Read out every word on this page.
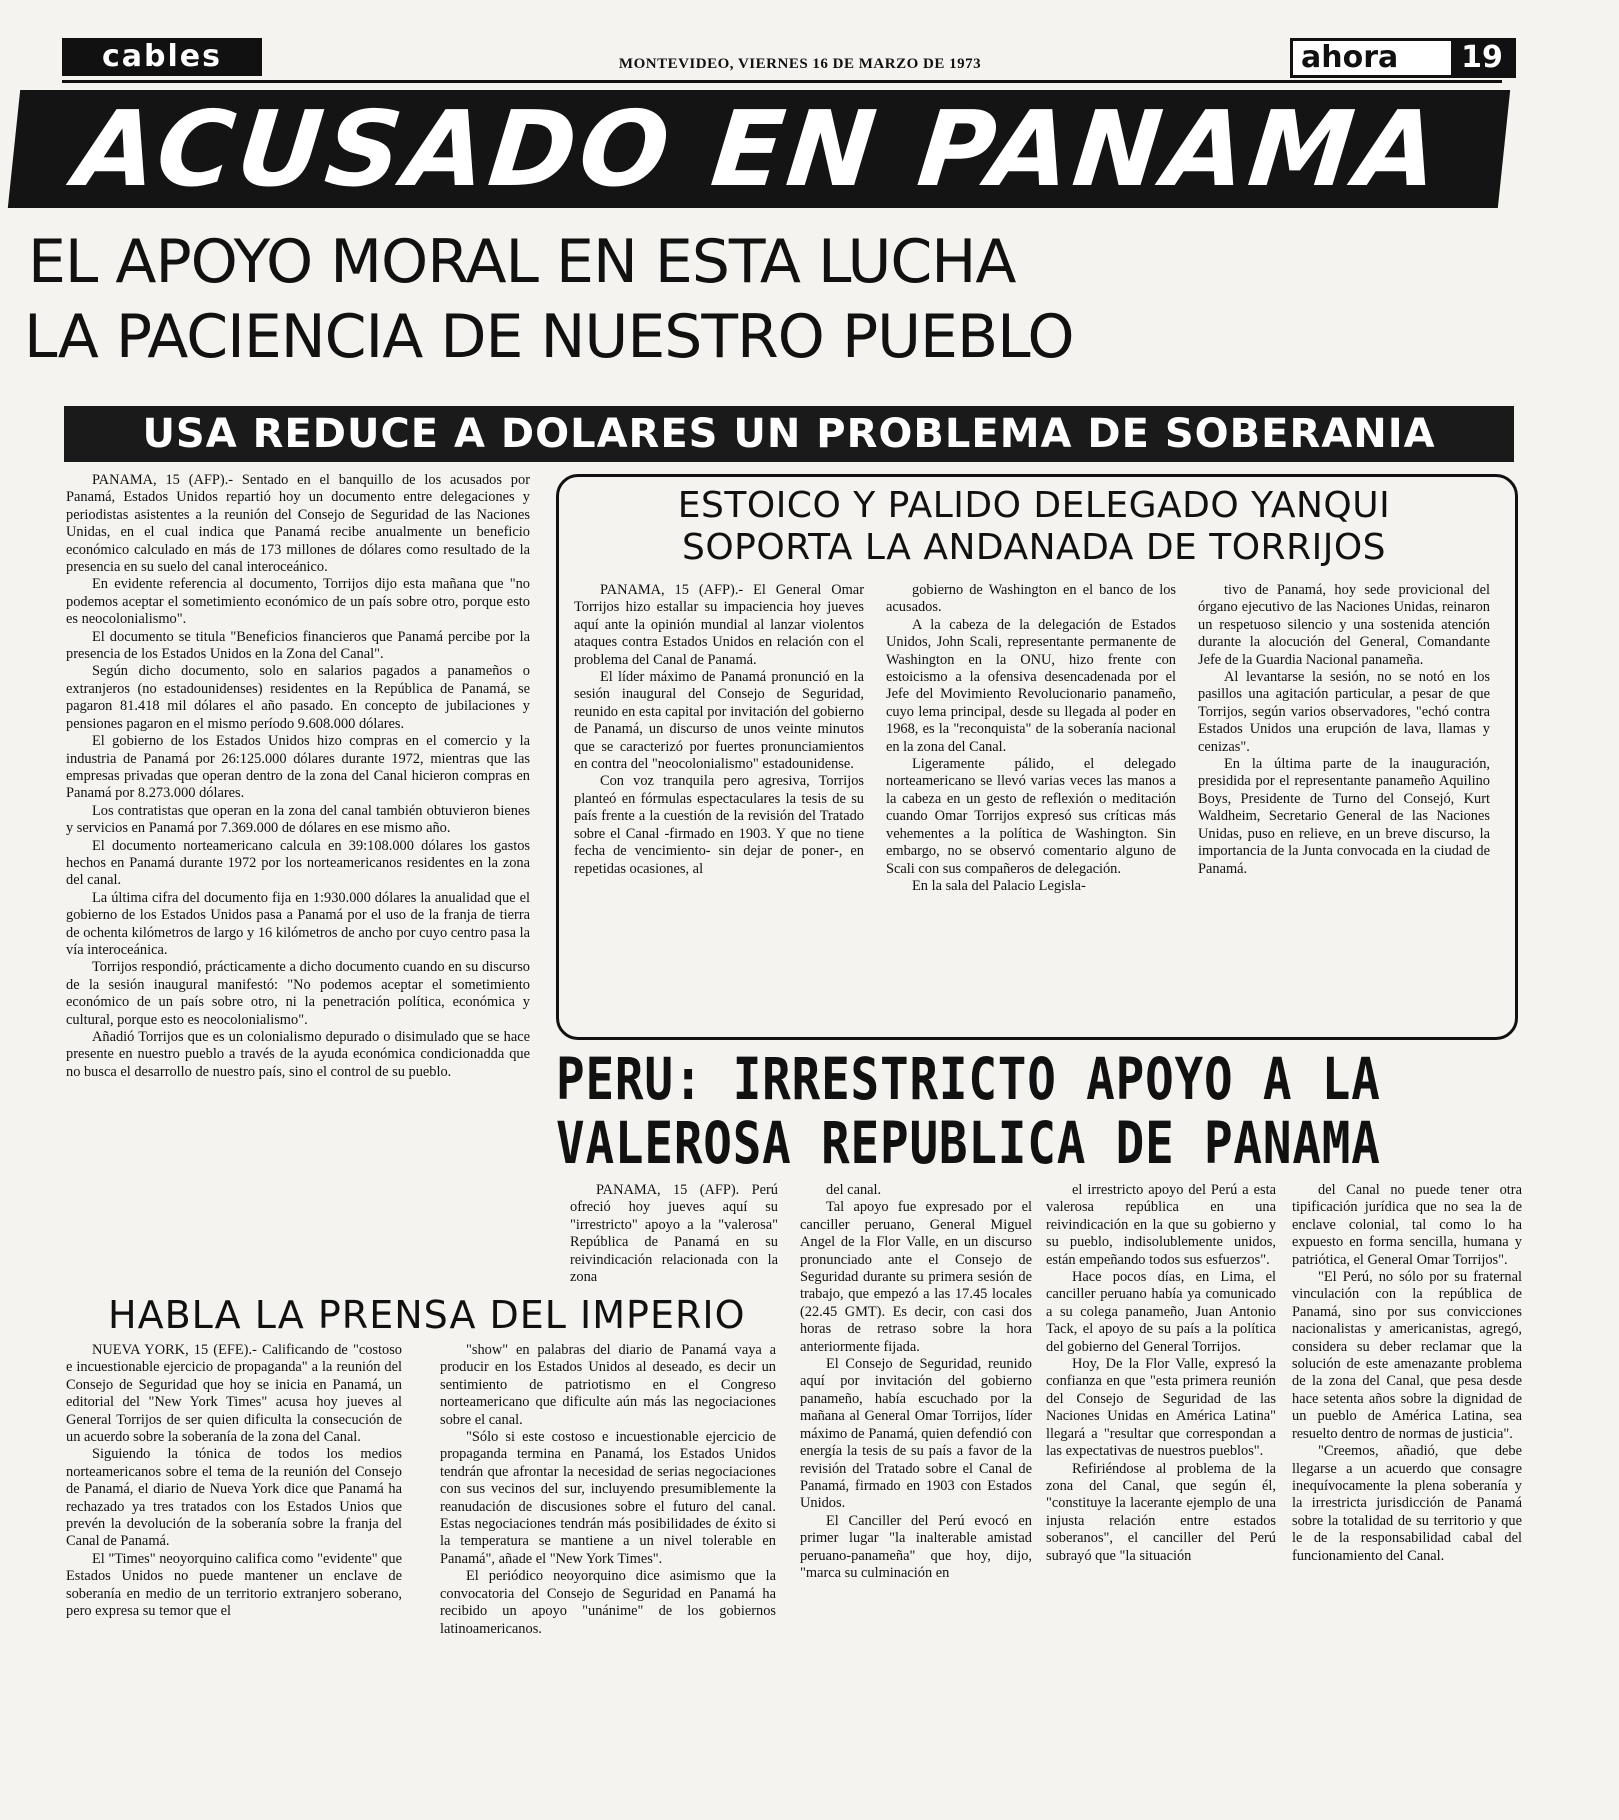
cables	MONTEVIDEO, VIERNES 16 DE MARZO DE 1973	ahora	19
ACUSADO EN PANAMA
EL APOYO MORAL EN ESTA LUCHA
LA PACIENCIA DE NUESTRO PUEBLO
USA REDUCE A DOLARES UN PROBLEMA DE SOBERANIA

PANAMA, 15 (AFP).- Sentado en el banquillo de los acusados por Panamá, Estados Unidos repartió hoy un documento entre delegaciones y periodistas asistentes a la reunión del Consejo de Seguridad de las Naciones Unidas, en el cual indica que Panamá recibe anualmente un beneficio económico calculado en más de 173 millones de dólares como resultado de la presencia en su suelo del canal interoceánico.

En evidente referencia al documento, Torrijos dijo esta mañana que "no podemos aceptar el sometimiento económico de un país sobre otro, porque esto es neocolonialismo".

El documento se titula "Beneficios financieros que Panamá percibe por la presencia de los Estados Unidos en la Zona del Canal".

Según dicho documento, solo en salarios pagados a panameños o extranjeros (no estadounidenses) residentes en la República de Panamá, se pagaron 81.418 mil dólares el año pasado. En concepto de jubilaciones y pensiones pagaron en el mismo período 9.608.000 dólares.

El gobierno de los Estados Unidos hizo compras en el comercio y la industria de Panamá por 26:125.000 dólares durante 1972, mientras que las empresas privadas que operan dentro de la zona del Canal hicieron compras en Panamá por 8.273.000 dólares.

Los contratistas que operan en la zona del canal también obtuvieron bienes y servicios en Panamá por 7.369.000 de dólares en ese mismo año.

El documento norteamericano calcula en 39:108.000 dólares los gastos hechos en Panamá durante 1972 por los norteamericanos residentes en la zona del canal.

La última cifra del documento fija en 1:930.000 dólares la anualidad que el gobierno de los Estados Unidos pasa a Panamá por el uso de la franja de tierra de ochenta kilómetros de largo y 16 kilómetros de ancho por cuyo centro pasa la vía interoceánica.

Torrijos respondió, prácticamente a dicho documento cuando en su discurso de la sesión inaugural manifestó: "No podemos aceptar el sometimiento económico de un país sobre otro, ni la penetración política, económica y cultural, porque esto es neocolonialismo".

Añadió Torrijos que es un colonialismo depurado o disimulado que se hace presente en nuestro pueblo a través de la ayuda económica condicionadda que no busca el desarrollo de nuestro país, sino el control de su pueblo.

ESTOICO Y PALIDO DELEGADO YANQUI
SOPORTA LA ANDANADA DE TORRIJOS

PANAMA, 15 (AFP).- El General Omar Torrijos hizo estallar su impaciencia hoy jueves aquí ante la opinión mundial al lanzar violentos ataques contra Estados Unidos en relación con el problema del Canal de Panamá.

El líder máximo de Panamá pronunció en la sesión inaugural del Consejo de Seguridad, reunido en esta capital por invitación del gobierno de Panamá, un discurso de unos veinte minutos que se caracterizó por fuertes pronunciamientos en contra del "neocolonialismo" estadounidense.

Con voz tranquila pero agresiva, Torrijos planteó en fórmulas espectaculares la tesis de su país frente a la cuestión de la revisión del Tratado sobre el Canal -firmado en 1903. Y que no tiene fecha de vencimiento- sin dejar de poner-, en repetidas ocasiones, al

gobierno de Washington en el banco de los acusados.

A la cabeza de la delegación de Estados Unidos, John Scali, representante permanente de Washington en la ONU, hizo frente con estoicismo a la ofensiva desencadenada por el Jefe del Movimiento Revolucionario panameño, cuyo lema principal, desde su llegada al poder en 1968, es la "reconquista" de la soberanía nacional en la zona del Canal.

Ligeramente pálido, el delegado norteamericano se llevó varias veces las manos a la cabeza en un gesto de reflexión o meditación cuando Omar Torrijos expresó sus críticas más vehementes a la política de Washington. Sin embargo, no se observó comentario alguno de Scali con sus compañeros de delegación.

En la sala del Palacio Legisla-

tivo de Panamá, hoy sede provicional del órgano ejecutivo de las Naciones Unidas, reinaron un respetuoso silencio y una sostenida atención durante la alocución del General, Comandante Jefe de la Guardia Nacional panameña.

Al levantarse la sesión, no se notó en los pasillos una agitación particular, a pesar de que Torrijos, según varios observadores, "echó contra Estados Unidos una erupción de lava, llamas y cenizas".

En la última parte de la inauguración, presidida por el representante panameño Aquilino Boys, Presidente de Turno del Consejó, Kurt Waldheim, Secretario General de las Naciones Unidas, puso en relieve, en un breve discurso, la importancia de la Junta convocada en la ciudad de Panamá.

PERU: IRRESTRICTO APOYO A LA
VALEROSA REPUBLICA DE PANAMA

PANAMA, 15 (AFP). Perú ofreció hoy jueves aquí su "irrestricto" apoyo a la "valerosa" República de Panamá en su reivindicación relacionada con la zona

del canal.

Tal apoyo fue expresado por el canciller peruano, General Miguel Angel de la Flor Valle, en un discurso pronunciado ante el Consejo de Seguridad durante su primera sesión de trabajo, que empezó a las 17.45 locales (22.45 GMT). Es decir, con casi dos horas de retraso sobre la hora anteriormente fijada.

El Consejo de Seguridad, reunido aquí por invitación del gobierno panameño, había escuchado por la mañana al General Omar Torrijos, líder máximo de Panamá, quien defendió con energía la tesis de su país a favor de la revisión del Tratado sobre el Canal de Panamá, firmado en 1903 con Estados Unidos.

El Canciller del Perú evocó en primer lugar "la inalterable amistad peruano-panameña" que hoy, dijo, "marca su culminación en

el irrestricto apoyo del Perú a esta valerosa república en una reivindicación en la que su gobierno y su pueblo, indisolublemente unidos, están empeñando todos sus esfuerzos".

Hace pocos días, en Lima, el canciller peruano había ya comunicado a su colega panameño, Juan Antonio Tack, el apoyo de su país a la política del gobierno del General Torrijos.

Hoy, De la Flor Valle, expresó la confianza en que "esta primera reunión del Consejo de Seguridad de las Naciones Unidas en América Latina" llegará a "resultar que correspondan a las expectativas de nuestros pueblos".

Refiriéndose al problema de la zona del Canal, que según él, "constituye la lacerante ejemplo de una injusta relación entre estados soberanos", el canciller del Perú subrayó que "la situación

del Canal no puede tener otra tipificación jurídica que no sea la de enclave colonial, tal como lo ha expuesto en forma sencilla, humana y patriótica, el General Omar Torrijos".

"El Perú, no sólo por su fraternal vinculación con la república de Panamá, sino por sus convicciones nacionalistas y americanistas, agregó, considera su deber reclamar que la solución de este amenazante problema de la zona del Canal, que pesa desde hace setenta años sobre la dignidad de un pueblo de América Latina, sea resuelto dentro de normas de justicia".

"Creemos, añadió, que debe llegarse a un acuerdo que consagre inequívocamente la plena soberanía y la irrestricta jurisdicción de Panamá sobre la totalidad de su territorio y que le de la responsabilidad cabal del funcionamiento del Canal.

HABLA LA PRENSA DEL IMPERIO

NUEVA YORK, 15 (EFE).- Calificando de "costoso e incuestionable ejercicio de propaganda" a la reunión del Consejo de Seguridad que hoy se inicia en Panamá, un editorial del "New York Times" acusa hoy jueves al General Torrijos de ser quien dificulta la consecución de un acuerdo sobre la soberanía de la zona del Canal.

Siguiendo la tónica de todos los medios norteamericanos sobre el tema de la reunión del Consejo de Panamá, el diario de Nueva York dice que Panamá ha rechazado ya tres tratados con los Estados Unios que prevén la devolución de la soberanía sobre la franja del Canal de Panamá.

El "Times" neoyorquino califica como "evidente" que Estados Unidos no puede mantener un enclave de soberanía en medio de un territorio extranjero soberano, pero expresa su temor que el

"show" en palabras del diario de Panamá vaya a producir en los Estados Unidos al deseado, es decir un sentimiento de patriotismo en el Congreso norteamericano que dificulte aún más las negociaciones sobre el canal.

"Sólo si este costoso e incuestionable ejercicio de propaganda termina en Panamá, los Estados Unidos tendrán que afrontar la necesidad de serias negociaciones con sus vecinos del sur, incluyendo presumiblemente la reanudación de discusiones sobre el futuro del canal. Estas negociaciones tendrán más posibilidades de éxito si la temperatura se mantiene a un nivel tolerable en Panamá", añade el "New York Times".

El periódico neoyorquino dice asimismo que la convocatoria del Consejo de Seguridad en Panamá ha recibido un apoyo "unánime" de los gobiernos latinoamericanos.
